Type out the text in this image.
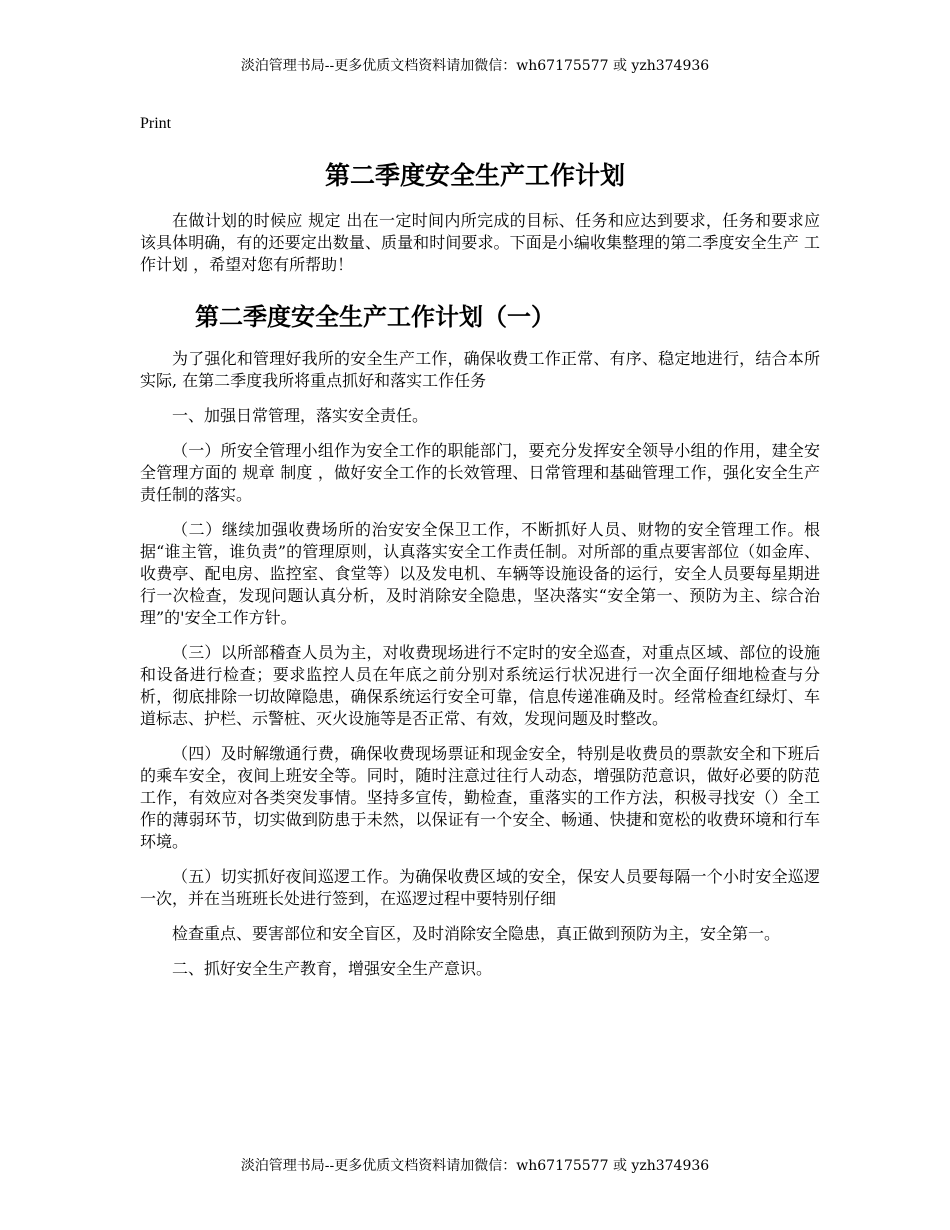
淡泊管理书局--更多优质文档资料请加微信：wh67175577 或 yzh374936
Print
第二季度安全生产工作计划

在做计划的时候应 规定 出在一定时间内所完成的目标、任务和应达到要求，任务和要求应该具体明确，有的还要定出数量、质量和时间要求。下面是小编收集整理的第二季度安全生产 工作计划 ，希望对您有所帮助！

第二季度安全生产工作计划（一）

为了强化和管理好我所的安全生产工作，确保收费工作正常、有序、稳定地进行，结合本所实际, 在第二季度我所将重点抓好和落实工作任务

一、加强日常管理，落实安全责任。

（一）所安全管理小组作为安全工作的职能部门，要充分发挥安全领导小组的作用，建全安全管理方面的 规章 制度 ，做好安全工作的长效管理、日常管理和基础管理工作，强化安全生产责任制的落实。

（二）继续加强收费场所的治安安全保卫工作，不断抓好人员、财物的安全管理工作。根据“谁主管，谁负责”的管理原则，认真落实安全工作责任制。对所部的重点要害部位（如金库、收费亭、配电房、监控室、食堂等）以及发电机、车辆等设施设备的运行，安全人员要每星期进行一次检查，发现问题认真分析，及时消除安全隐患，坚决落实“安全第一、预防为主、综合治理”的'安全工作方针。

（三）以所部稽查人员为主，对收费现场进行不定时的安全巡查，对重点区域、部位的设施和设备进行检查；要求监控人员在年底之前分别对系统运行状况进行一次全面仔细地检查与分析，彻底排除一切故障隐患，确保系统运行安全可靠，信息传递准确及时。经常检查红绿灯、车道标志、护栏、示警桩、灭火设施等是否正常、有效，发现问题及时整改。

（四）及时解缴通行费，确保收费现场票证和现金安全，特别是收费员的票款安全和下班后的乘车安全，夜间上班安全等。同时，随时注意过往行人动态，增强防范意识，做好必要的防范工作，有效应对各类突发事情。坚持多宣传，勤检查，重落实的工作方法，积极寻找安（）全工作的薄弱环节，切实做到防患于未然，以保证有一个安全、畅通、快捷和宽松的收费环境和行车环境。

（五）切实抓好夜间巡逻工作。为确保收费区域的安全，保安人员要每隔一个小时安全巡逻一次，并在当班班长处进行签到，在巡逻过程中要特别仔细

检查重点、要害部位和安全盲区，及时消除安全隐患，真正做到预防为主，安全第一。

二、抓好安全生产教育，增强安全生产意识。

淡泊管理书局--更多优质文档资料请加微信：wh67175577 或 yzh374936
